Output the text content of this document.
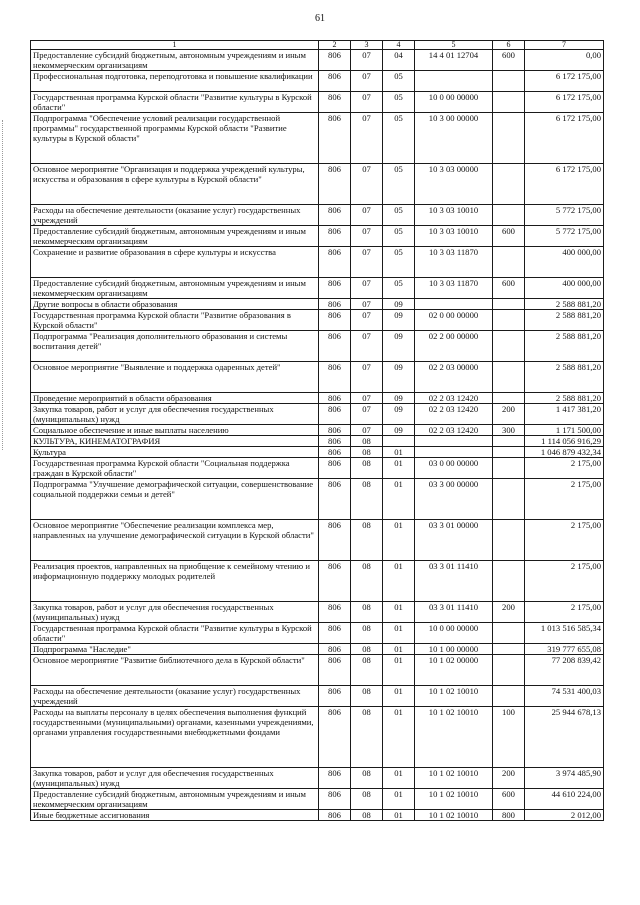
61
1	2	3	4	5	6	7
Предоставление субсидий бюджетным, автономным учреждениям и иным некоммерческим организациям	806	07	04	14 4 01 12704	600	0,00
Профессиональная подготовка, переподготовка и повышение квалификации	806	07	05			6 172 175,00
Государственная программа Курской области "Развитие культуры в Курской области"	806	07	05	10 0 00 00000		6 172 175,00
Подпрограмма "Обеспечение условий реализации государственной программы" государственной программы Курской области "Развитие культуры в Курской области"	806	07	05	10 3 00 00000		6 172 175,00
Основное мероприятие "Организация и поддержка учреждений культуры, искусства и образования в сфере культуры в Курской области"	806	07	05	10 3 03 00000		6 172 175,00
Расходы на обеспечение деятельности (оказание услуг) государственных учреждений	806	07	05	10 3 03 10010		5 772 175,00
Предоставление субсидий бюджетным, автономным учреждениям и иным некоммерческим организациям	806	07	05	10 3 03 10010	600	5 772 175,00
Сохранение и развитие образования в сфере культуры и искусства	806	07	05	10 3 03 11870		400 000,00
Предоставление субсидий бюджетным, автономным учреждениям и иным некоммерческим организациям	806	07	05	10 3 03 11870	600	400 000,00
Другие вопросы в области образования	806	07	09			2 588 881,20
Государственная программа Курской области "Развитие образования в Курской области"	806	07	09	02 0 00 00000		2 588 881,20
Подпрограмма "Реализация дополнительного образования и системы воспитания детей"	806	07	09	02 2 00 00000		2 588 881,20
Основное мероприятие "Выявление и поддержка одаренных детей"	806	07	09	02 2 03 00000		2 588 881,20
Проведение мероприятий в области образования	806	07	09	02 2 03 12420		2 588 881,20
Закупка товаров, работ и услуг для обеспечения государственных (муниципальных) нужд	806	07	09	02 2 03 12420	200	1 417 381,20
Социальное обеспечение и иные выплаты населению	806	07	09	02 2 03 12420	300	1 171 500,00
КУЛЬТУРА, КИНЕМАТОГРАФИЯ	806	08				1 114 056 916,29
Культура	806	08	01			1 046 879 432,34
Государственная программа Курской области "Социальная поддержка граждан в Курской области"	806	08	01	03 0 00 00000		2 175,00
Подпрограмма "Улучшение демографической ситуации, совершенствование социальной поддержки семьи и детей"	806	08	01	03 3 00 00000		2 175,00
Основное мероприятие "Обеспечение реализации комплекса мер, направленных на улучшение демографической ситуации в Курской области"	806	08	01	03 3 01 00000		2 175,00
Реализация проектов, направленных на приобщение к семейному чтению и информационную поддержку молодых родителей	806	08	01	03 3 01 11410		2 175,00
Закупка товаров, работ и услуг для обеспечения государственных (муниципальных) нужд	806	08	01	03 3 01 11410	200	2 175,00
Государственная программа Курской области "Развитие культуры в Курской области"	806	08	01	10 0 00 00000		1 013 516 585,34
Подпрограмма "Наследие"	806	08	01	10 1 00 00000		319 777 655,08
Основное мероприятие "Развитие библиотечного дела в Курской области"	806	08	01	10 1 02 00000		77 208 839,42
Расходы на обеспечение деятельности (оказание услуг) государственных учреждений	806	08	01	10 1 02 10010		74 531 400,03
Расходы на выплаты персоналу в целях обеспечения выполнения функций государственными (муниципальными) органами, казенными учреждениями, органами управления государственными внебюджетными фондами	806	08	01	10 1 02 10010	100	25 944 678,13
Закупка товаров, работ и услуг для обеспечения государственных (муниципальных) нужд	806	08	01	10 1 02 10010	200	3 974 485,90
Предоставление субсидий бюджетным, автономным учреждениям и иным некоммерческим организациям	806	08	01	10 1 02 10010	600	44 610 224,00
Иные бюджетные ассигнования	806	08	01	10 1 02 10010	800	2 012,00
